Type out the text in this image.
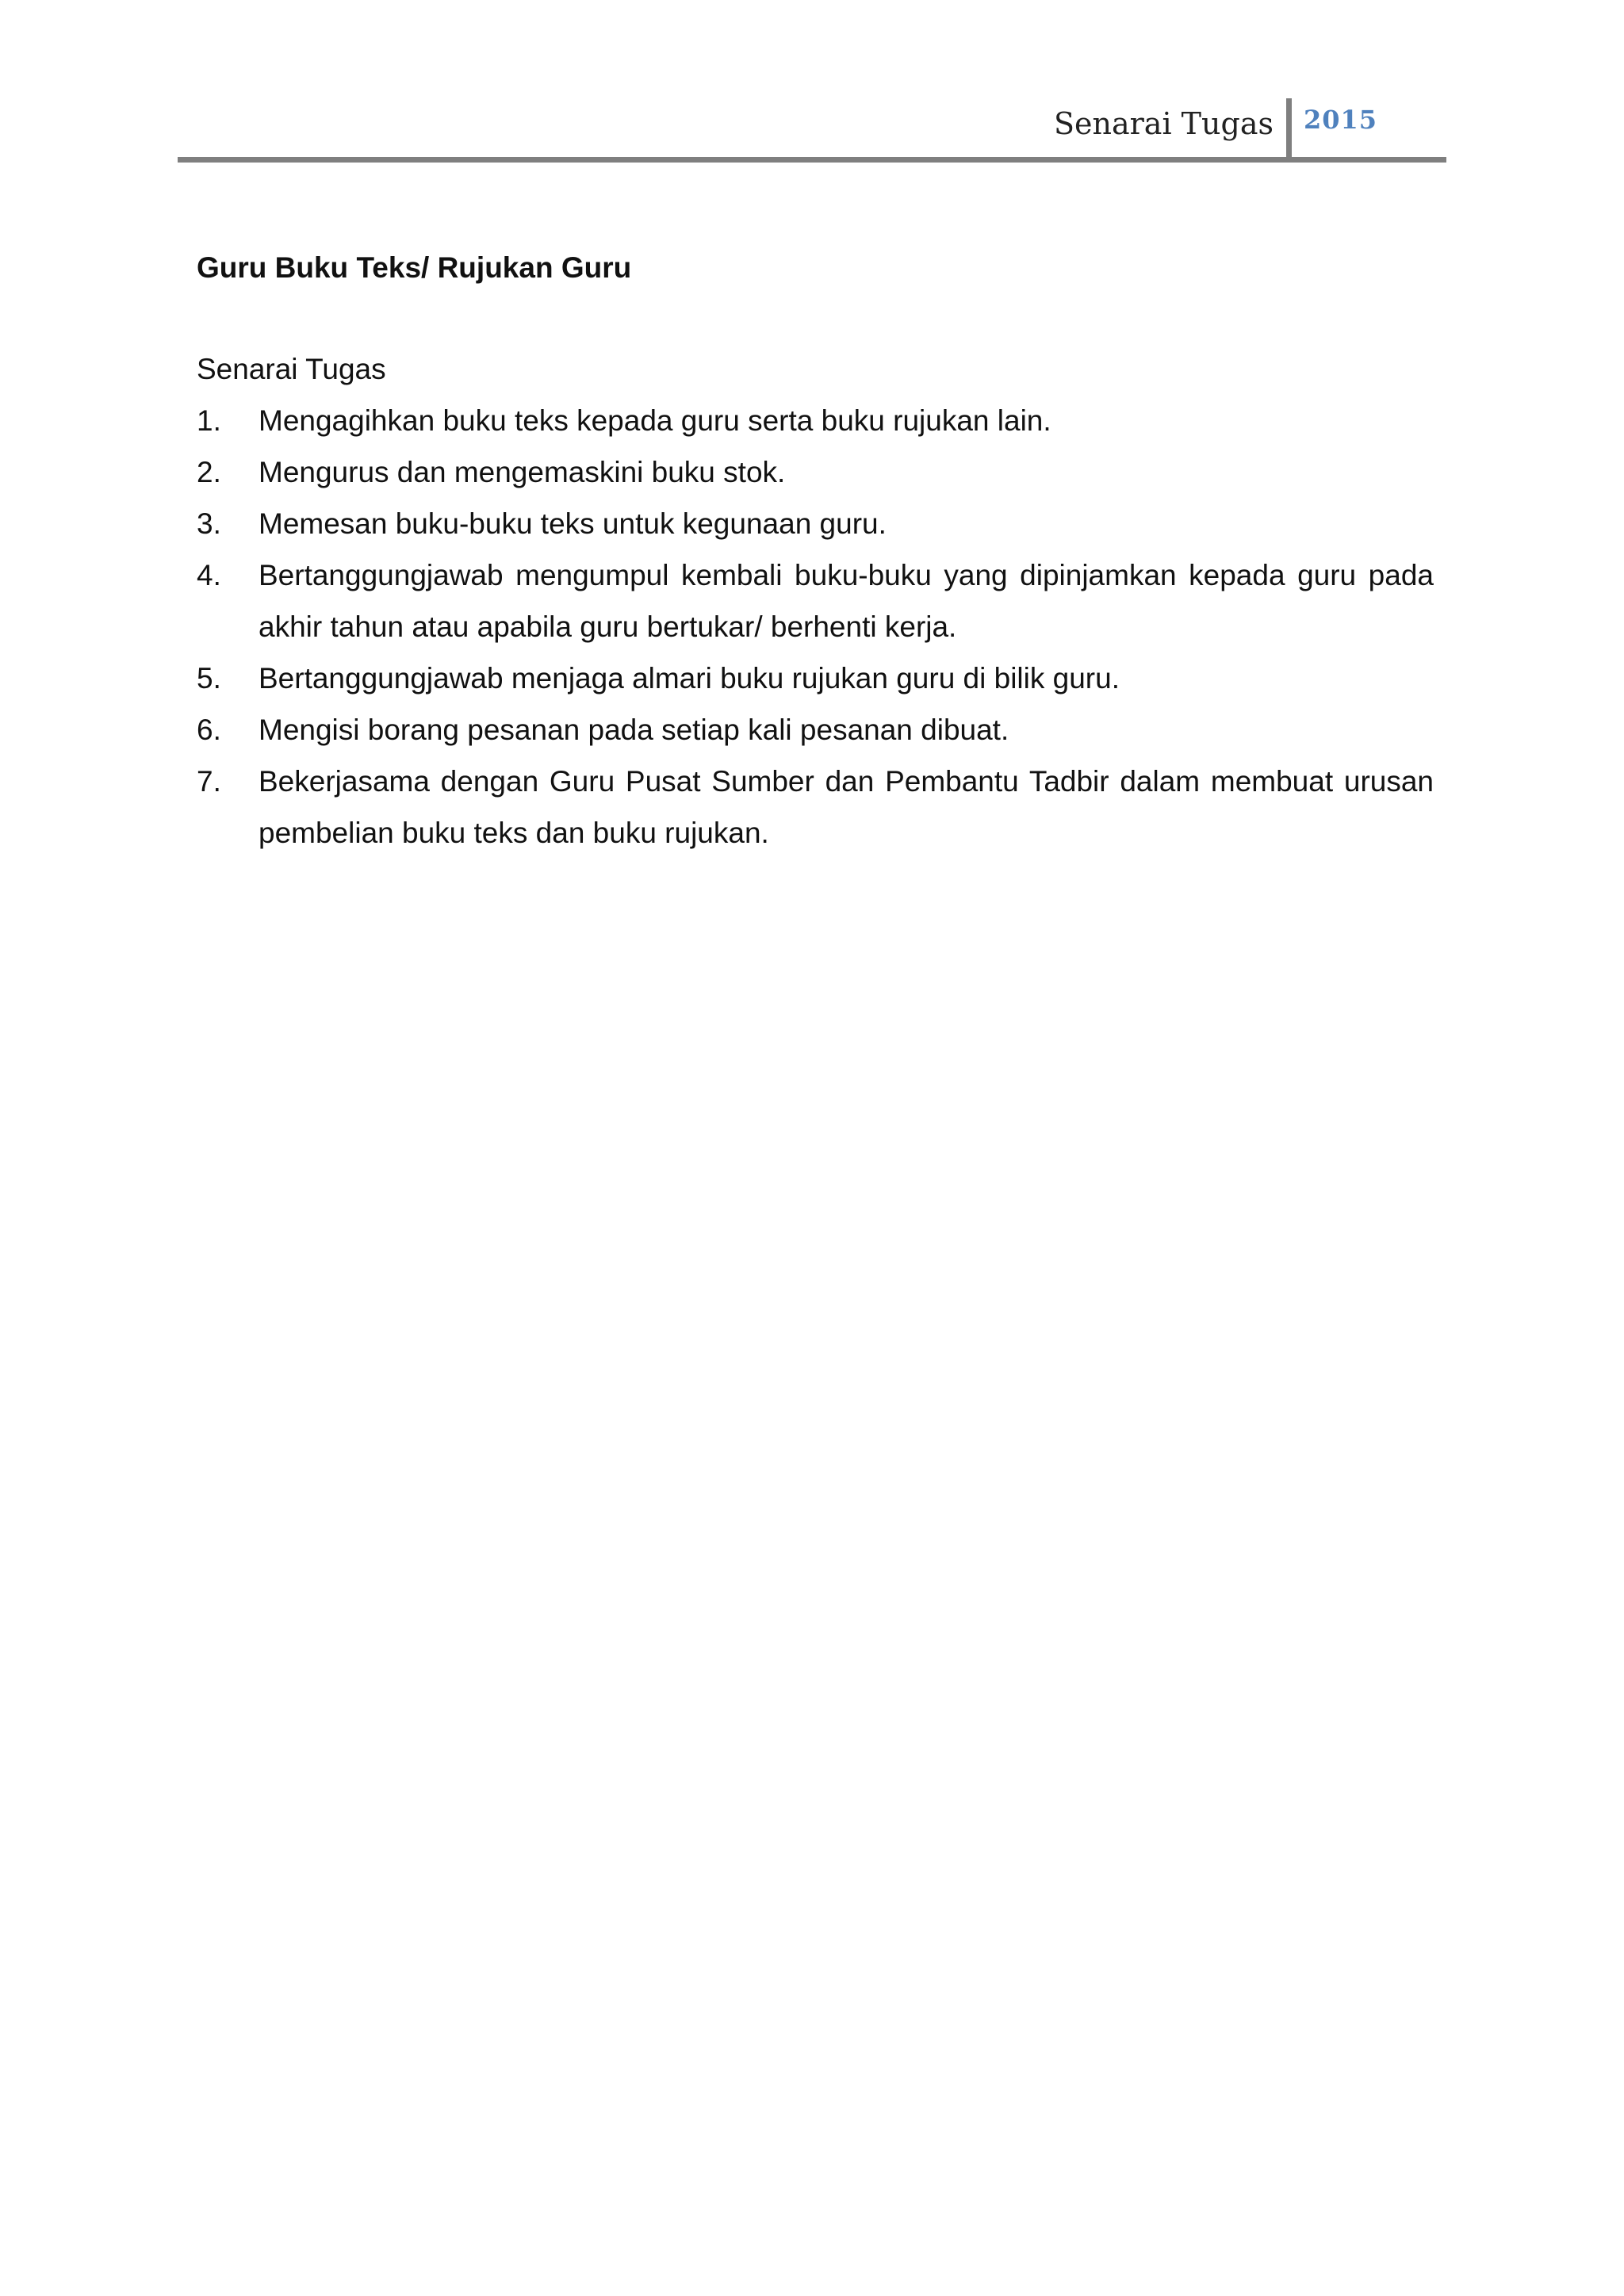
Senarai Tugas 2015
Guru Buku Teks/ Rujukan Guru

Senarai Tugas

1.	Mengagihkan buku teks kepada guru serta buku rujukan lain.
2.	Mengurus dan mengemaskini buku stok.
3.	Memesan buku-buku teks untuk kegunaan guru.
4.	Bertanggungjawab mengumpul kembali buku-buku yang dipinjamkan kepada guru pada akhir tahun atau apabila guru bertukar/ berhenti kerja.
5.	Bertanggungjawab menjaga almari buku rujukan guru di bilik guru.
6.	Mengisi borang pesanan pada setiap kali pesanan dibuat.
7.	Bekerjasama dengan Guru Pusat Sumber dan Pembantu Tadbir dalam membuat urusan pembelian buku teks dan buku rujukan.
